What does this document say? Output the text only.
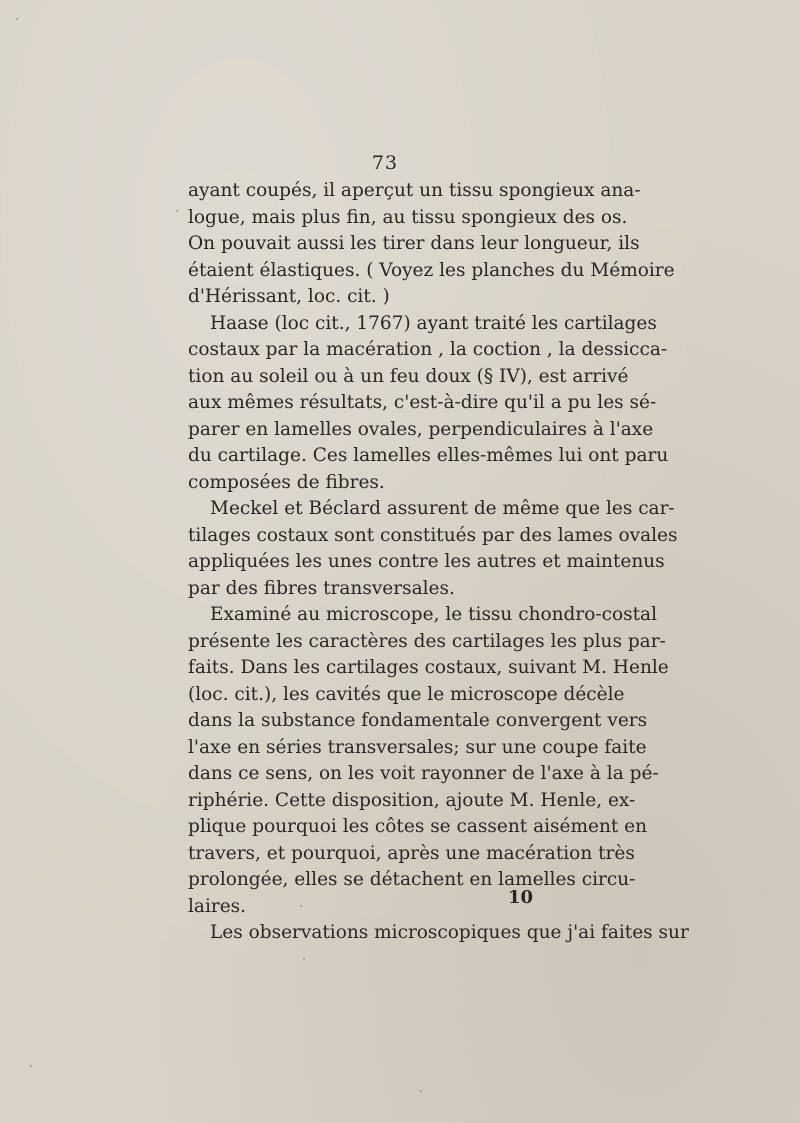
73
ayant coupés, il aperçut un tissu spongieux ana-
logue, mais plus fin, au tissu spongieux des os.
On pouvait aussi les tirer dans leur longueur, ils
étaient élastiques. ( Voyez les planches du Mémoire
d'Hérissant, loc. cit. )
Haase (loc cit., 1767) ayant traité les cartilages
costaux par la macération , la coction , la dessicca-
tion au soleil ou à un feu doux (§ IV), est arrivé
aux mêmes résultats, c'est-à-dire qu'il a pu les sé-
parer en lamelles ovales, perpendiculaires à l'axe
du cartilage. Ces lamelles elles-mêmes lui ont paru
composées de fibres.
Meckel et Béclard assurent de même que les car-
tilages costaux sont constitués par des lames ovales
appliquées les unes contre les autres et maintenus
par des fibres transversales.
Examiné au microscope, le tissu chondro-costal
présente les caractères des cartilages les plus par-
faits. Dans les cartilages costaux, suivant M. Henle
(loc. cit.), les cavités que le microscope décèle
dans la substance fondamentale convergent vers
l'axe en séries transversales; sur une coupe faite
dans ce sens, on les voit rayonner de l'axe à la pé-
riphérie. Cette disposition, ajoute M. Henle, ex-
plique pourquoi les côtes se cassent aisément en
travers, et pourquoi, après une macération très
prolongée, elles se détachent en lamelles circu-
laires.
Les observations microscopiques que j'ai faites sur
10
